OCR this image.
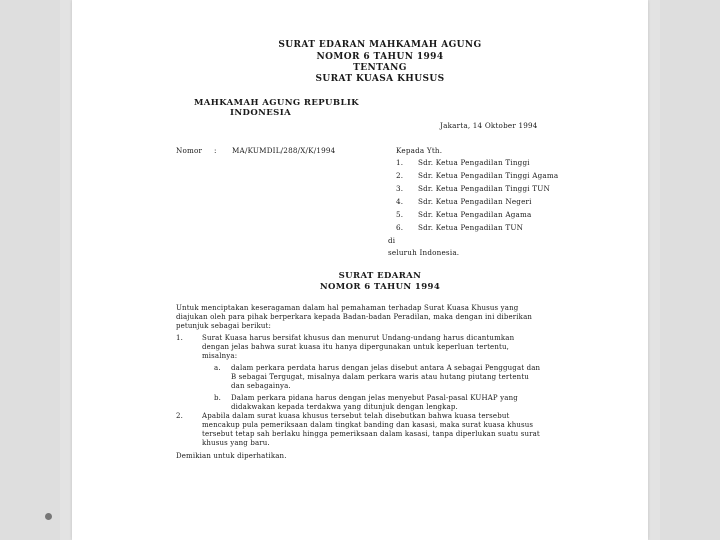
SURAT EDARAN MAHKAMAH AGUNG
NOMOR 6 TAHUN 1994
TENTANG
SURAT KUASA KHUSUS
MAHKAMAH AGUNG REPUBLIK
INDONESIA
Jakarta, 14 Oktober 1994
Nomor : MA/KUMDIL/288/X/K/1994	Kepada Yth.
1. Sdr. Ketua Pengadilan Tinggi
2. Sdr. Ketua Pengadilan Tinggi Agama
3. Sdr. Ketua Pengadilan Tinggi TUN
4. Sdr. Ketua Pengadilan Negeri
5. Sdr. Ketua Pengadilan Agama
6. Sdr. Ketua Pengadilan TUN
di
seluruh Indonesia.
SURAT EDARAN
NOMOR 6 TAHUN 1994
Untuk menciptakan keseragaman dalam hal pemahaman terhadap Surat Kuasa Khusus yang
diajukan oleh para pihak berperkara kepada Badan-badan Peradilan, maka dengan ini diberikan
petunjuk sebagai berikut:
1.	Surat Kuasa harus bersifat khusus dan menurut Undang-undang harus dicantumkan
dengan jelas bahwa surat kuasa itu hanya dipergunakan untuk keperluan tertentu,
misalnya:
a. dalam perkara perdata harus dengan jelas disebut antara A sebagai Penggugat dan
B sebagai Tergugat, misalnya dalam perkara waris atau hutang piutang tertentu
dan sebagainya.
b. Dalam perkara pidana harus dengan jelas menyebut Pasal-pasal KUHAP yang
didakwakan kepada terdakwa yang ditunjuk dengan lengkap.
2.	Apabila dalam surat kuasa khusus tersebut telah disebutkan bahwa kuasa tersebut
mencakup pula pemeriksaan dalam tingkat banding dan kasasi, maka surat kuasa khusus
tersebut tetap sah berlaku hingga pemeriksaan dalam kasasi, tanpa diperlukan suatu surat
khusus yang baru.
Demikian untuk diperhatikan.
